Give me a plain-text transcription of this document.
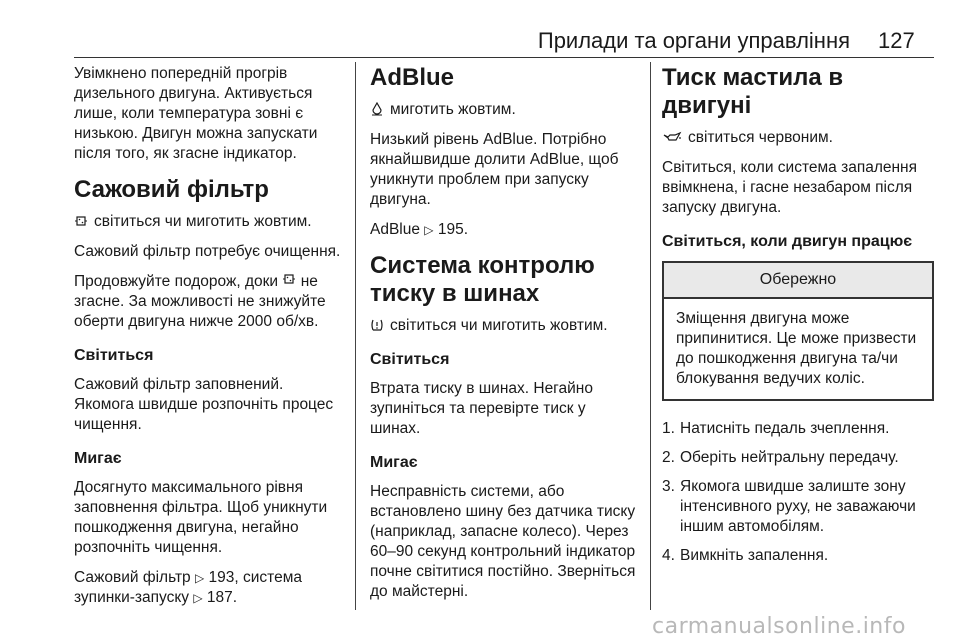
Прилади та органи управління 127

Увімкнено попередній прогрів дизельного двигуна. Активується лише, коли температура зовні є низькою. Двигун можна запускати після того, як згасне індикатор.

Сажовий фільтр

світиться чи миготить жовтим.

Сажовий фільтр потребує очищення.

Продовжуйте подорож, доки не згасне. За можливості не знижуйте оберти двигуна нижче 2000 об/хв.

Світиться

Сажовий фільтр заповнений. Якомога швидше розпочніть процес чищення.

Мигає

Досягнуто максимального рівня заповнення фільтра. Щоб уникнути пошкодження двигуна, негайно розпочніть чищення.

Сажовий фільтр ▷ 193, система зупинки-запуску ▷ 187.

AdBlue

миготить жовтим.

Низький рівень AdBlue. Потрібно якнайшвидше долити AdBlue, щоб уникнути проблем при запуску двигуна.

AdBlue ▷ 195.

Система контролю тиску в шинах

світиться чи миготить жовтим.

Світиться

Втрата тиску в шинах. Негайно зупиніться та перевірте тиск у шинах.

Мигає

Несправність системи, або встановлено шину без датчика тиску (наприклад, запасне колесо). Через 60–90 секунд контрольний індикатор почне світитися постійно. Зверніться до майстерні.

Тиск мастила в двигуні

світиться червоним.

Світиться, коли система запалення ввімкнена, і гасне незабаром після запуску двигуна.

Світиться, коли двигун працює
Обережно
Зміщення двигуна може припинитися. Це може призвести до пошкодження двигуна та/чи блокування ведучих коліс.
1. Натисніть педаль зчеплення.
2. Оберіть нейтральну передачу.
3. Якомога швидше залиште зону інтенсивного руху, не заважаючи іншим автомобілям.
4. Вимкніть запалення.
carmanualsonline.info
